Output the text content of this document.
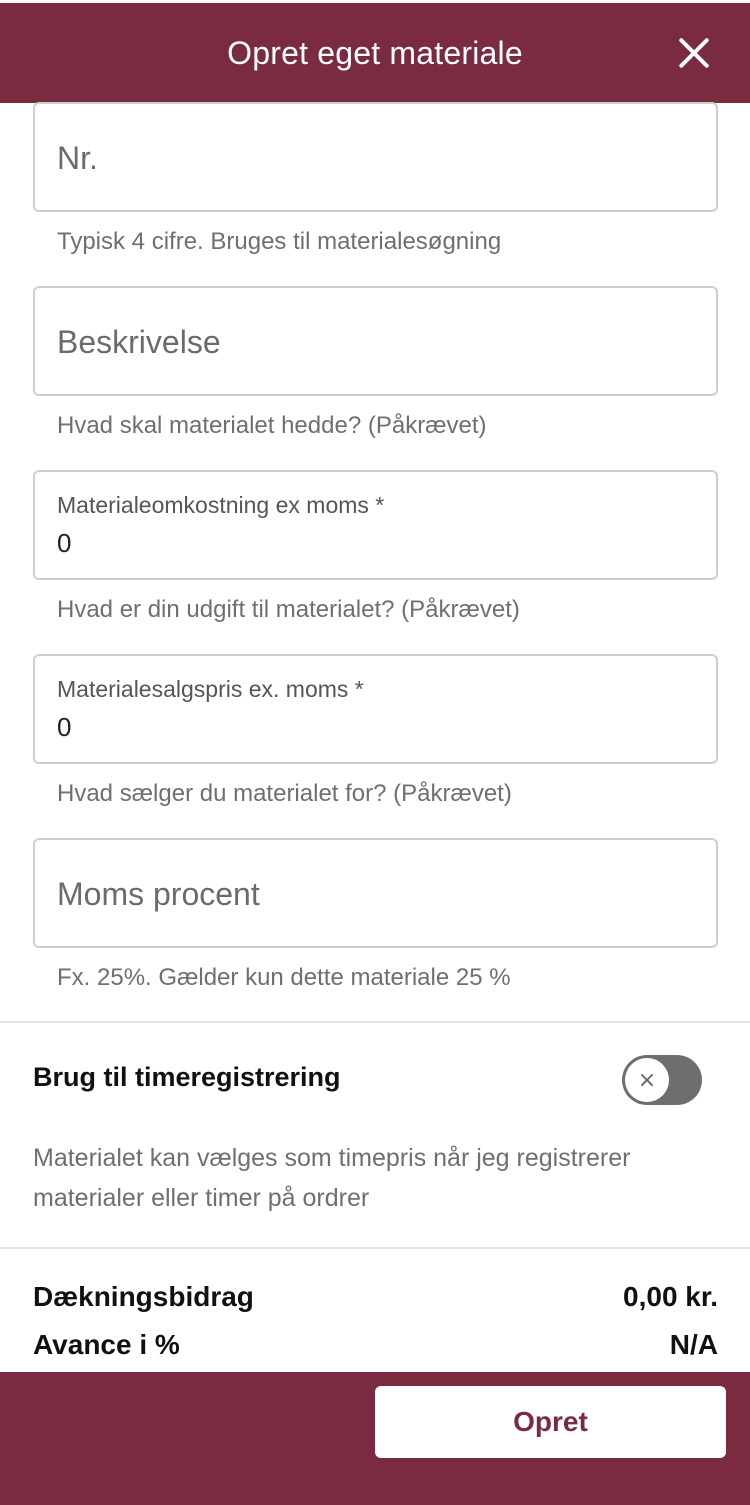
Opret eget materiale
Nr.
Typisk 4 cifre. Bruges til materialesøgning
Beskrivelse
Hvad skal materialet hedde? (Påkrævet)
Materialeomkostning ex moms *
0
Hvad er din udgift til materialet? (Påkrævet)
Materialesalgspris ex. moms *
0
Hvad sælger du materialet for? (Påkrævet)
Moms procent
Fx. 25%. Gælder kun dette materiale 25 %
Brug til timeregistrering	×
Materialet kan vælges som timepris når jeg registrerer materialer eller timer på ordrer
Dækningsbidrag	0,00 kr.
Avance i %	N/A
Opret
